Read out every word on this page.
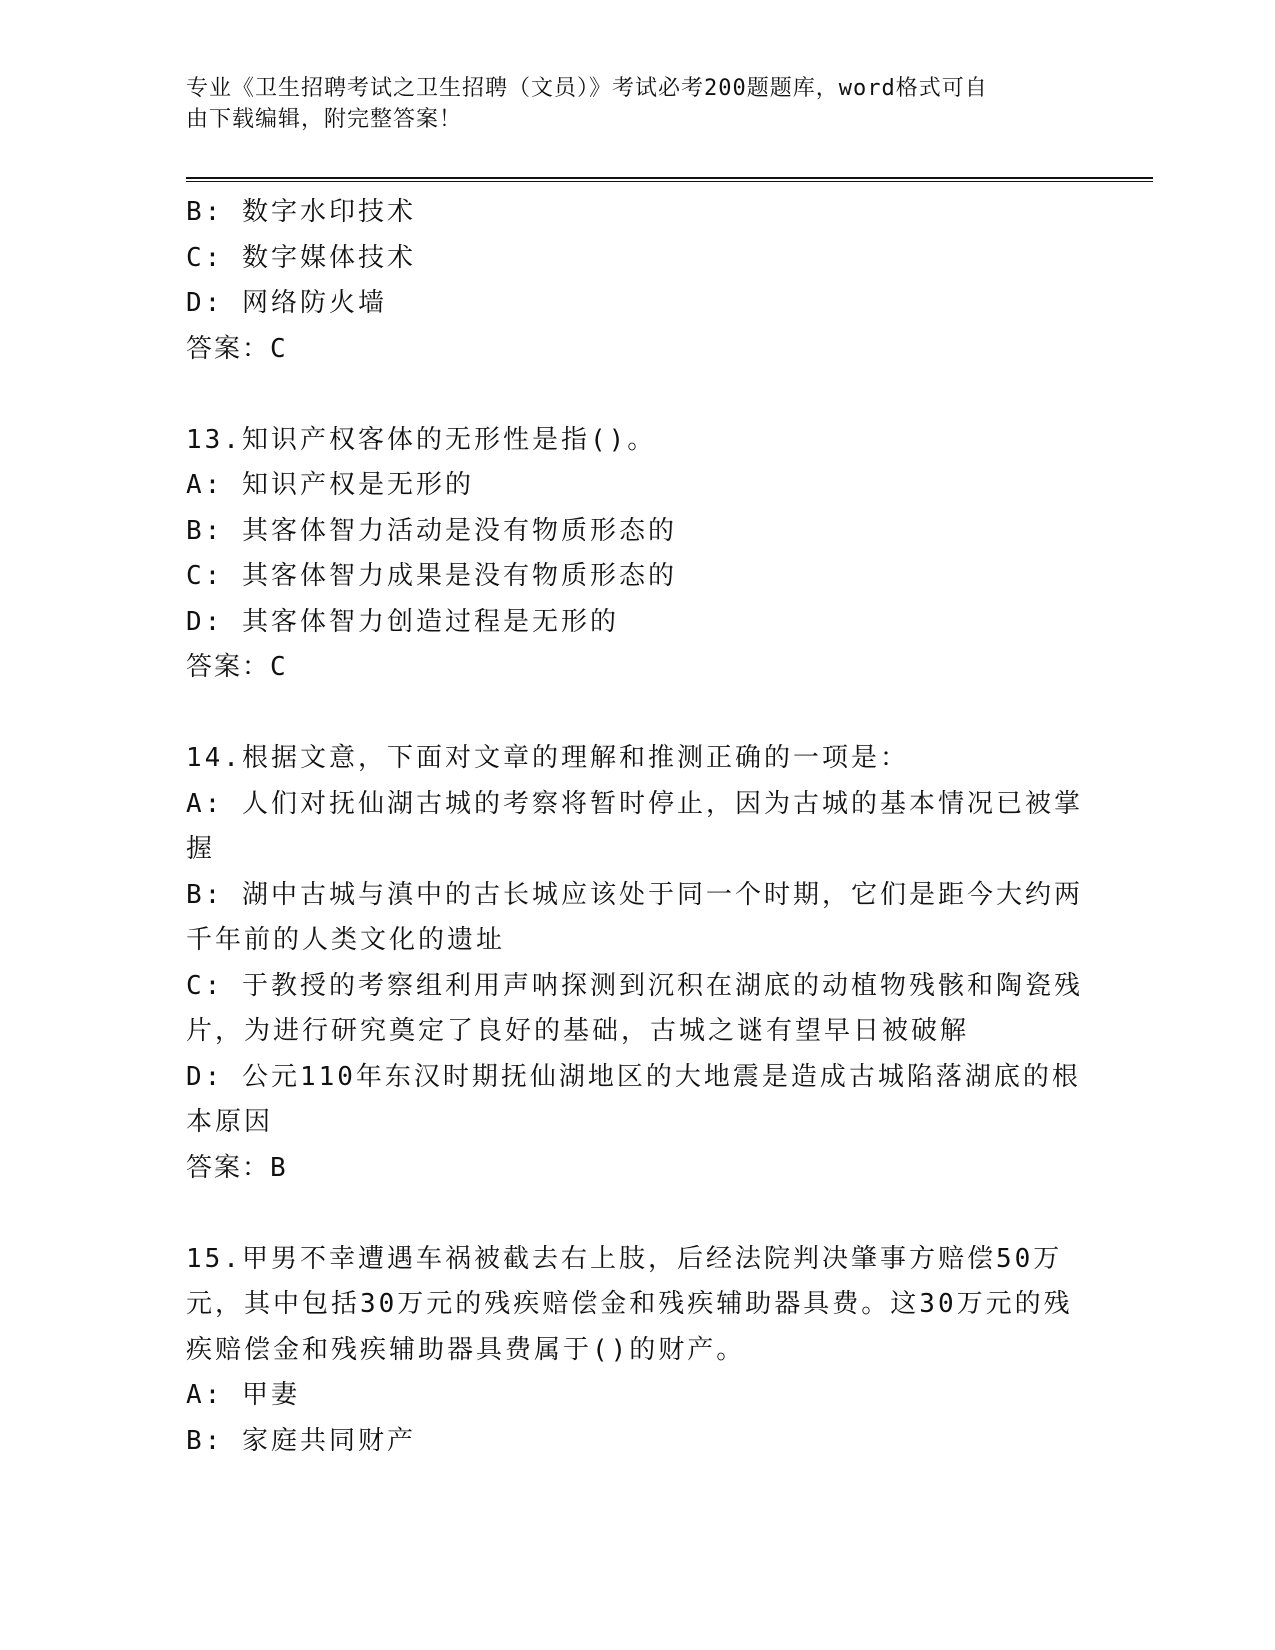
专业《卫生招聘考试之卫生招聘（文员）》考试必考200题题库，word格式可自
由下载编辑，附完整答案！
B: 数字水印技术
C: 数字媒体技术
D: 网络防火墙
答案：C
13.知识产权客体的无形性是指()。
A: 知识产权是无形的
B: 其客体智力活动是没有物质形态的
C: 其客体智力成果是没有物质形态的
D: 其客体智力创造过程是无形的
答案：C
14.根据文意，下面对文章的理解和推测正确的一项是：
A: 人们对抚仙湖古城的考察将暂时停止，因为古城的基本情况已被掌握
B: 湖中古城与滇中的古长城应该处于同一个时期，它们是距今大约两千年前的人类文化的遗址
C: 于教授的考察组利用声呐探测到沉积在湖底的动植物残骸和陶瓷残片，为进行研究奠定了良好的基础，古城之谜有望早日被破解
D: 公元110年东汉时期抚仙湖地区的大地震是造成古城陷落湖底的根本原因
答案：B
15.甲男不幸遭遇车祸被截去右上肢，后经法院判决肇事方赔偿50万元，其中包括30万元的残疾赔偿金和残疾辅助器具费。这30万元的残疾赔偿金和残疾辅助器具费属于()的财产。
A: 甲妻
B: 家庭共同财产
